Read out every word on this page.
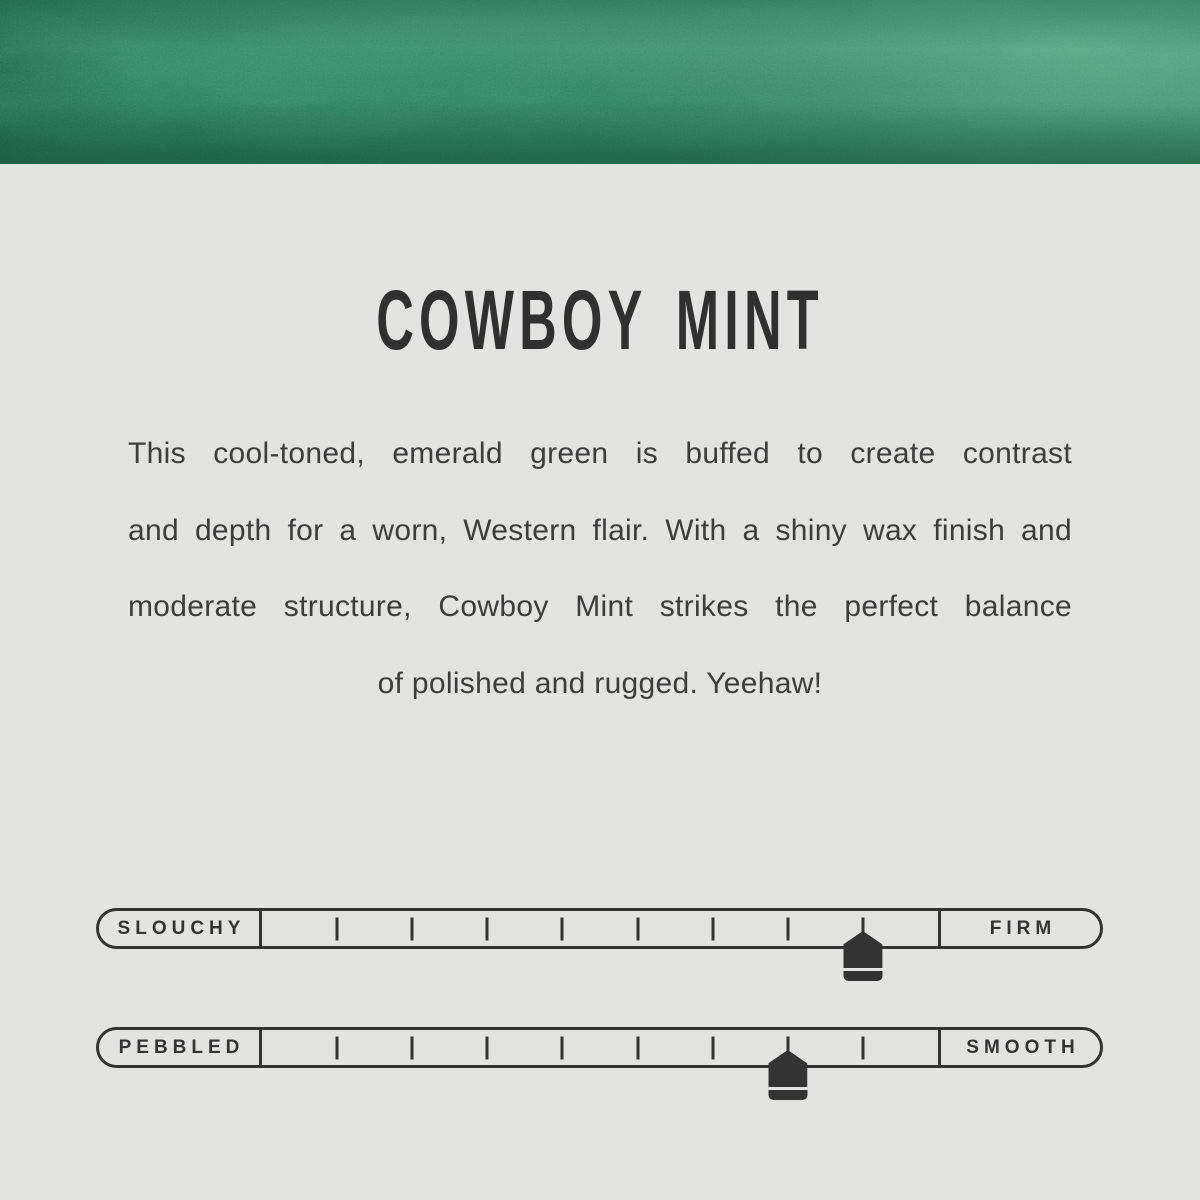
COWBOY MINT
This cool-toned, emerald green is buffed to create contrast
and depth for a worn, Western flair. With a shiny wax finish and
moderate structure, Cowboy Mint strikes the perfect balance
of polished and rugged. Yeehaw!
SLOUCHY	FIRM
PEBBLED	SMOOTH
